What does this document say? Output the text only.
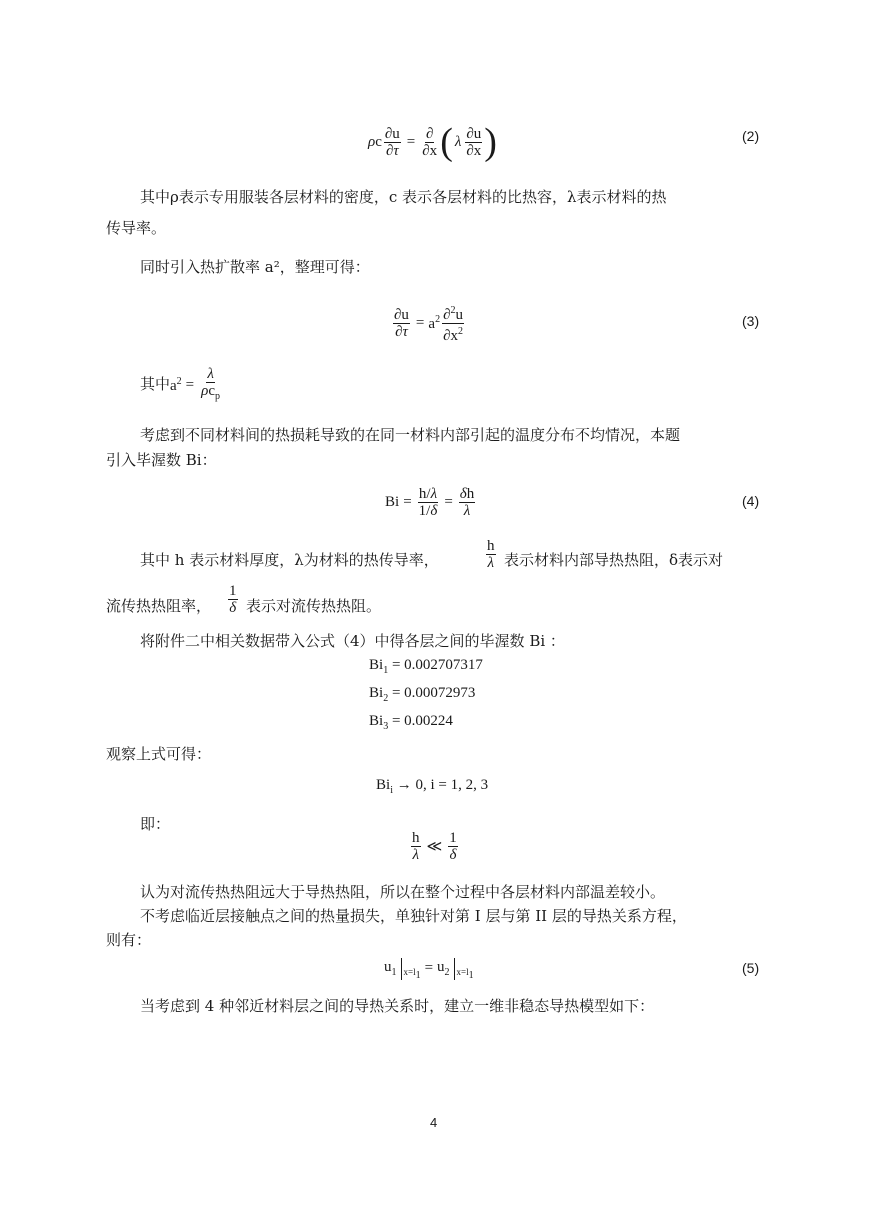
ρ c $\frac{\partial u}{\partial\tau} = \frac{\partial}{\partial x}$ ( λ $\frac{\partial u}{\partial x}$ )	(2)
其中ρ表示专用服装各层材料的密度，c 表示各层材料的比热容，λ表示材料的热
传导率。
同时引入热扩散率 a²，整理可得：
$\frac{\partial u}{\partial\tau} = a^2 \frac{\partial^2u}{\partial x^2}$	(3)
其中 $a^2 = \frac{\lambda}{\rho c_p}$
考虑到不同材料间的热损耗导致的在同一材料内部引起的温度分布不均情况，本题
引入毕渥数 Bi：
$Bi = \frac{h/\lambda}{1/\delta} = \frac{\delta h}{\lambda}$	(4)
其中 h 表示材料厚度，λ为材料的热传导率，	$\frac{h}{\lambda}$ 表示材料内部导热热阻，δ表示对
流传热热阻率， $\frac{1}{\delta}$ 表示对流传热热阻。
将附件二中相关数据带入公式（4）中得各层之间的毕渥数 Bi ：
$Bi_1 = 0.002707317$
$Bi_2 = 0.00072973$
$Bi_3 = 0.00224$
观察上式可得：
$Bi_i \to 0$, i = 1, 2, 3
即：
$\frac{h}{\lambda}$ ≪ $\frac{1}{\delta}$
认为对流传热热阻远大于导热热阻，所以在整个过程中各层材料内部温差较小。
不考虑临近层接触点之间的热量损失，单独针对第 I 层与第 II 层的导热关系方程，
则有：
$u_1$ $x=l_1 = u_2$ $x=l_1$	(5)
当考虑到 4 种邻近材料层之间的导热关系时，建立一维非稳态导热模型如下：
4
